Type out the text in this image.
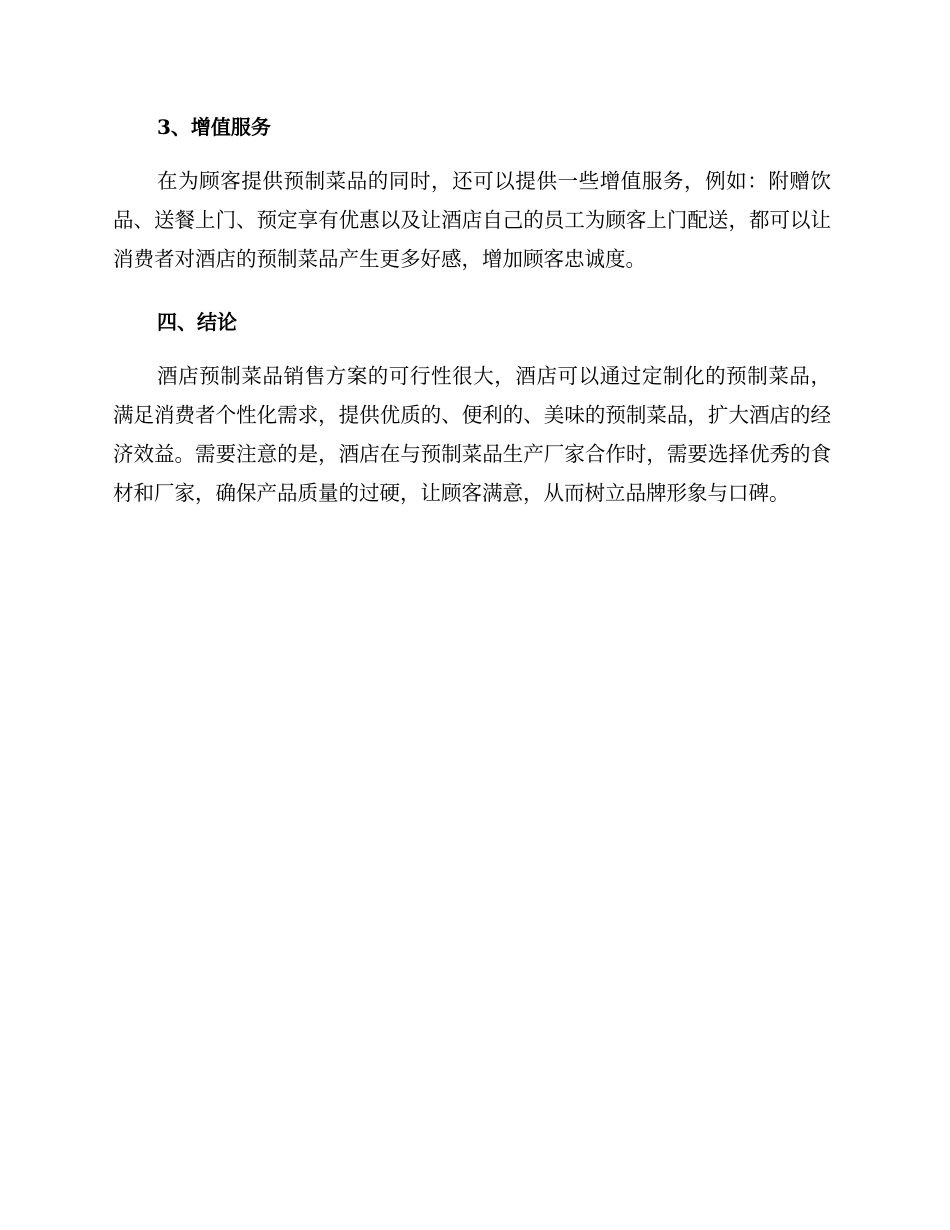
3、增值服务

在为顾客提供预制菜品的同时，还可以提供一些增值服务，例如：附赠饮品、送餐上门、预定享有优惠以及让酒店自己的员工为顾客上门配送，都可以让消费者对酒店的预制菜品产生更多好感，增加顾客忠诚度。

四、结论

酒店预制菜品销售方案的可行性很大，酒店可以通过定制化的预制菜品，满足消费者个性化需求，提供优质的、便利的、美味的预制菜品，扩大酒店的经济效益。需要注意的是，酒店在与预制菜品生产厂家合作时，需要选择优秀的食材和厂家，确保产品质量的过硬，让顾客满意，从而树立品牌形象与口碑。
